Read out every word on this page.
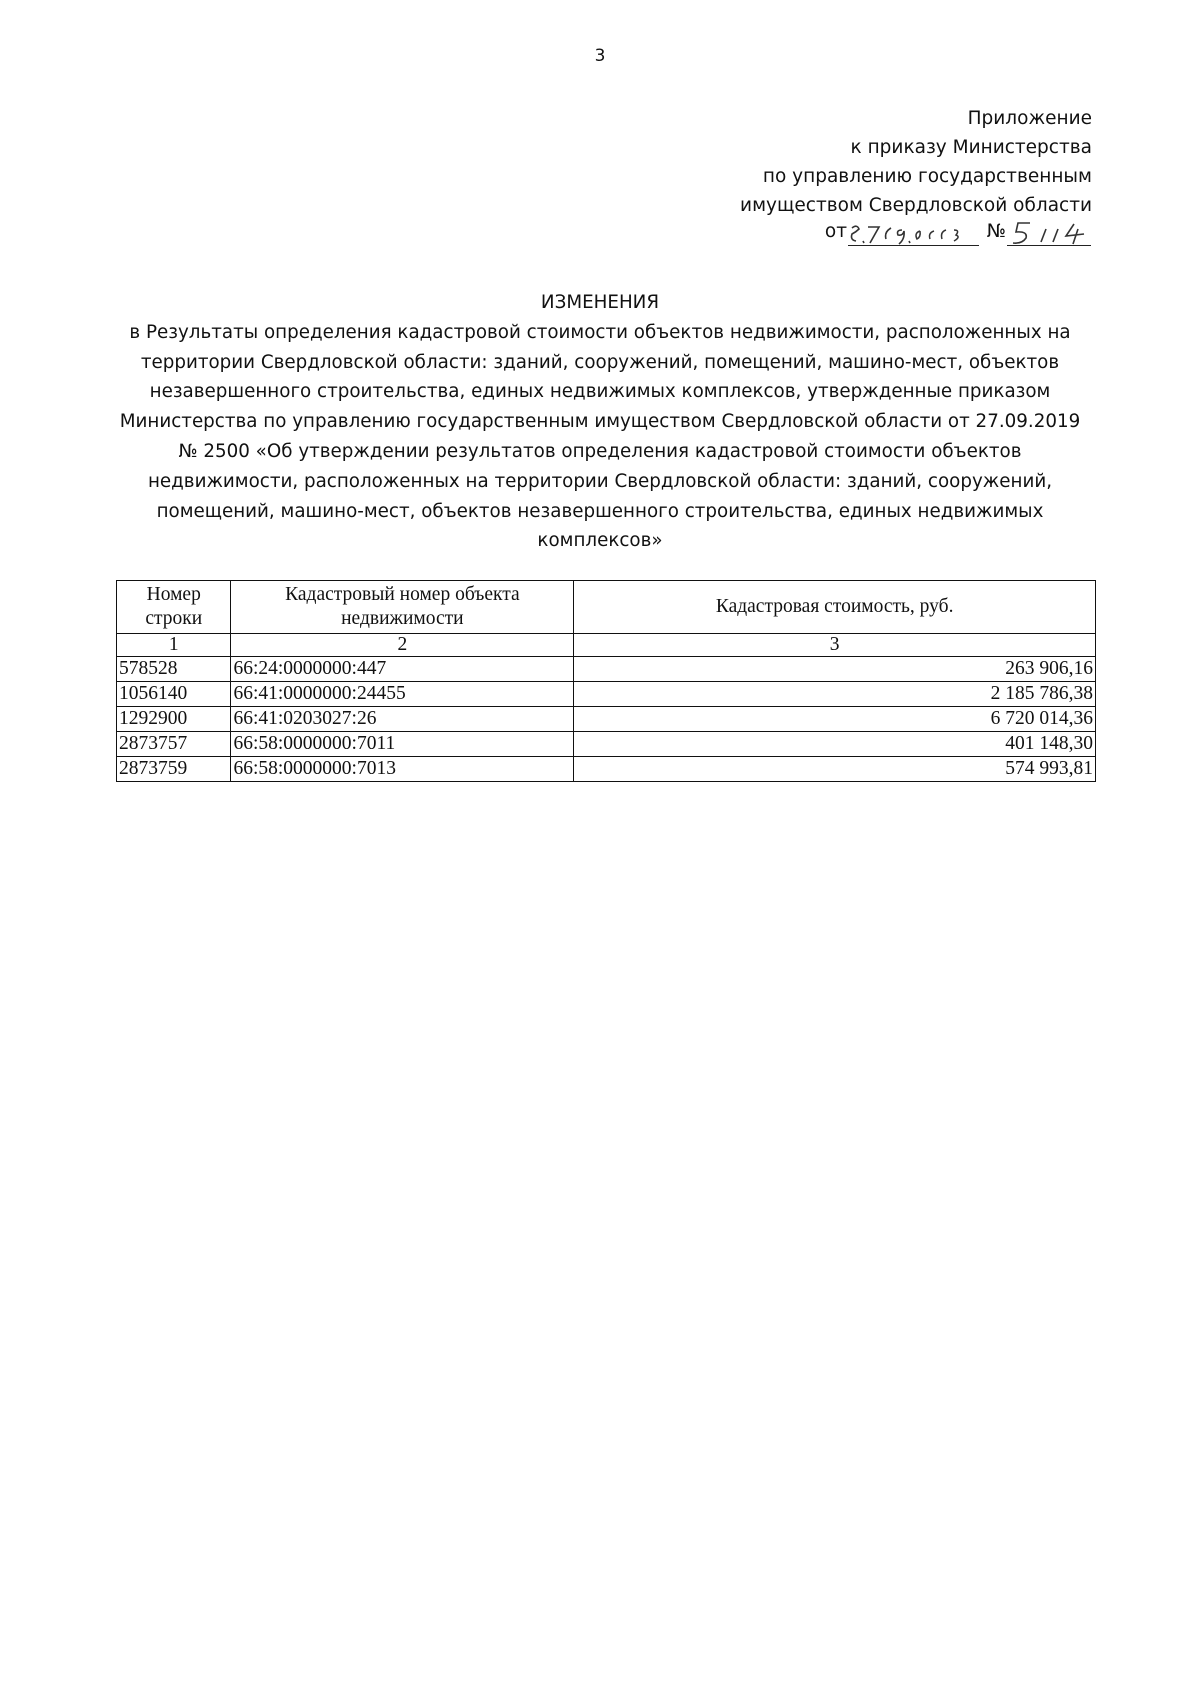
3
Приложение
к приказу Министерства
по управлению государственным
имуществом Свердловской области
от	№
ИЗМЕНЕНИЯ
в Результаты определения кадастровой стоимости объектов недвижимости, расположенных на территории Свердловской области: зданий, сооружений, помещений, машино-мест, объектов незавершенного строительства, единых недвижимых комплексов, утвержденные приказом Министерства по управлению государственным имуществом Свердловской области от 27.09.2019 № 2500 «Об утверждении результатов определения кадастровой стоимости объектов недвижимости, расположенных на территории Свердловской области: зданий, сооружений, помещений, машино-мест, объектов незавершенного строительства, единых недвижимых комплексов»
Номер строки	Кадастровый номер объекта недвижимости	Кадастровая стоимость, руб.
1	2	3
578528	66:24:0000000:447	263 906,16
1056140	66:41:0000000:24455	2 185 786,38
1292900	66:41:0203027:26	6 720 014,36
2873757	66:58:0000000:7011	401 148,30
2873759	66:58:0000000:7013	574 993,81
